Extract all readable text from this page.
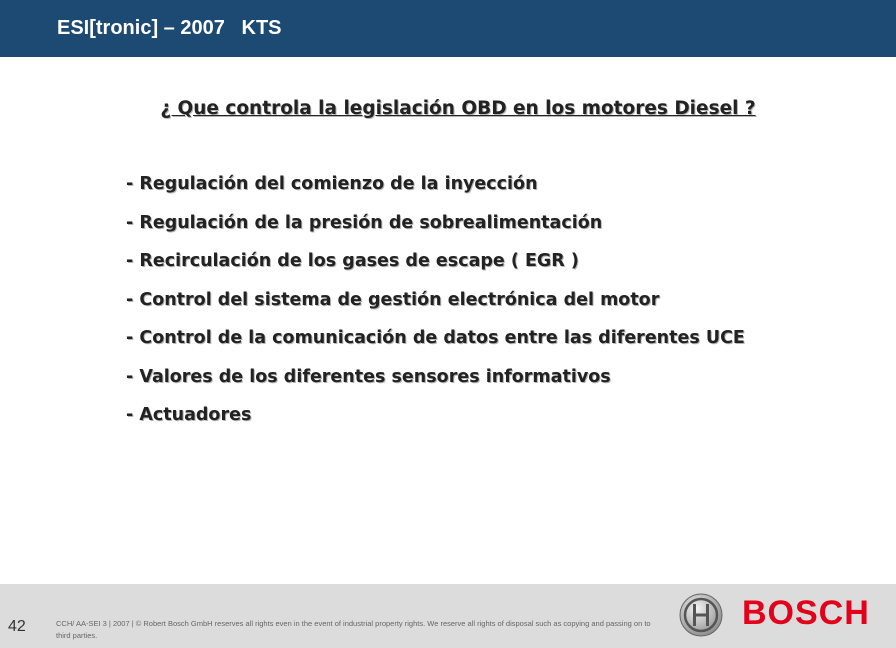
ESI[tronic] – 2007   KTS
¿ Que controla la legislación OBD en los motores Diesel ?
- Regulación del comienzo de la inyección
- Regulación de la presión de sobrealimentación
- Recirculación de los gases de escape ( EGR )
- Control del sistema de gestión electrónica del motor
- Control de la comunicación de datos entre las diferentes UCE
- Valores de los diferentes sensores informativos
- Actuadores
42	CCH/ AA-SEI 3 | 2007 | © Robert Bosch GmbH reserves all rights even in the event of industrial property rights. We reserve all rights of disposal such as copying and passing on to third parties.
BOSCH
